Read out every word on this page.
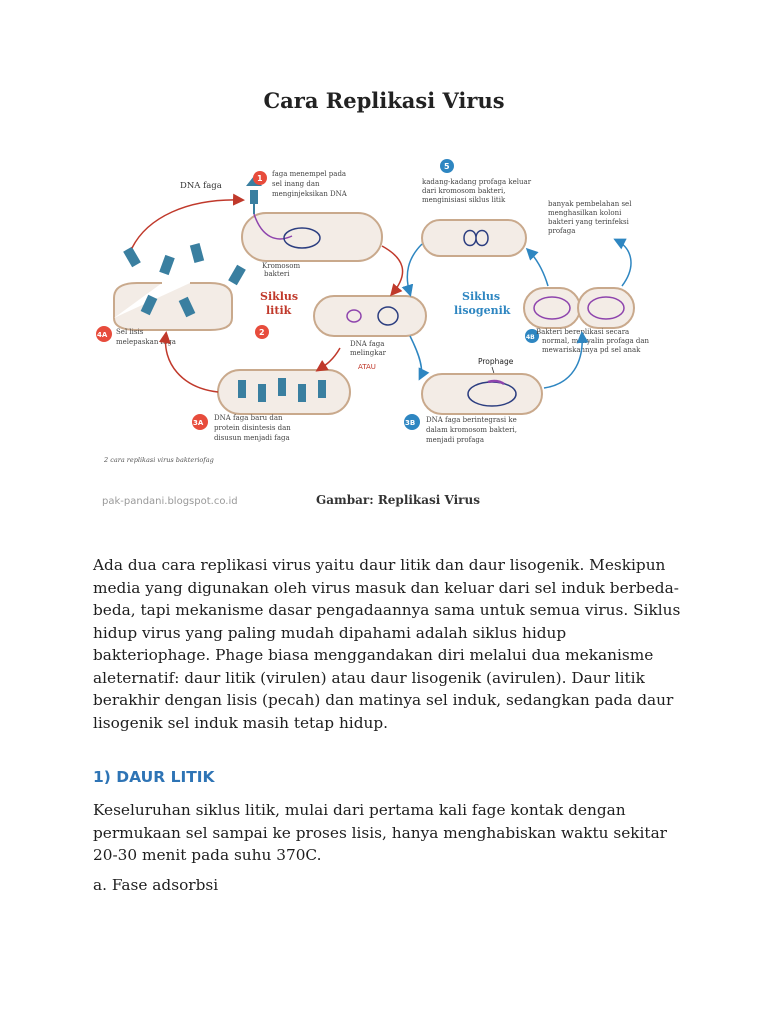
Cara Replikasi Virus
DNA faga
1 faga menempel pada
sel inang dan
menginjeksikan DNA
Kromosom
bakteri
Siklus
litik
2
DNA faga
melingkar
ATAU
4A Sel lisis
melepaskan faga
3A
DNA faga baru dan
protein disintesis dan
disusun menjadi faga
5
kadang-kadang profaga keluar
dari kromosom bakteri,
menginisiasi siklus litik	banyak pembelahan sel
menghasilkan koloni
bakteri yang terinfeksi
profaga
Siklus
lisogenik
4B
Bakteri bereplikasi secara
normal, menyalin profaga dan
mewariskannya pd sel anak
Prophage
3B DNA faga berintegrasi ke
dalam kromosom bakteri,
menjadi profaga
2 cara replikasi virus bakteriofag
pak-pandani.blogspot.co.id	Gambar: Replikasi Virus

Ada dua cara replikasi virus yaitu daur litik dan daur lisogenik. Meskipun media yang digunakan oleh virus masuk dan keluar dari sel induk berbeda-beda, tapi mekanisme dasar pengadaannya sama untuk semua virus. Siklus hidup virus yang paling mudah dipahami adalah siklus hidup bakteriophage. Phage biasa menggandakan diri melalui dua mekanisme aleternatif: daur litik (virulen) atau daur lisogenik (avirulen). Daur litik berakhir dengan lisis (pecah) dan matinya sel induk, sedangkan pada daur lisogenik sel induk masih tetap hidup.

1) DAUR LITIK

Keseluruhan siklus litik, mulai dari pertama kali fage kontak dengan permukaan sel sampai ke proses lisis, hanya menghabiskan waktu sekitar 20-30 menit pada suhu 370C.

a. Fase adsorbsi
